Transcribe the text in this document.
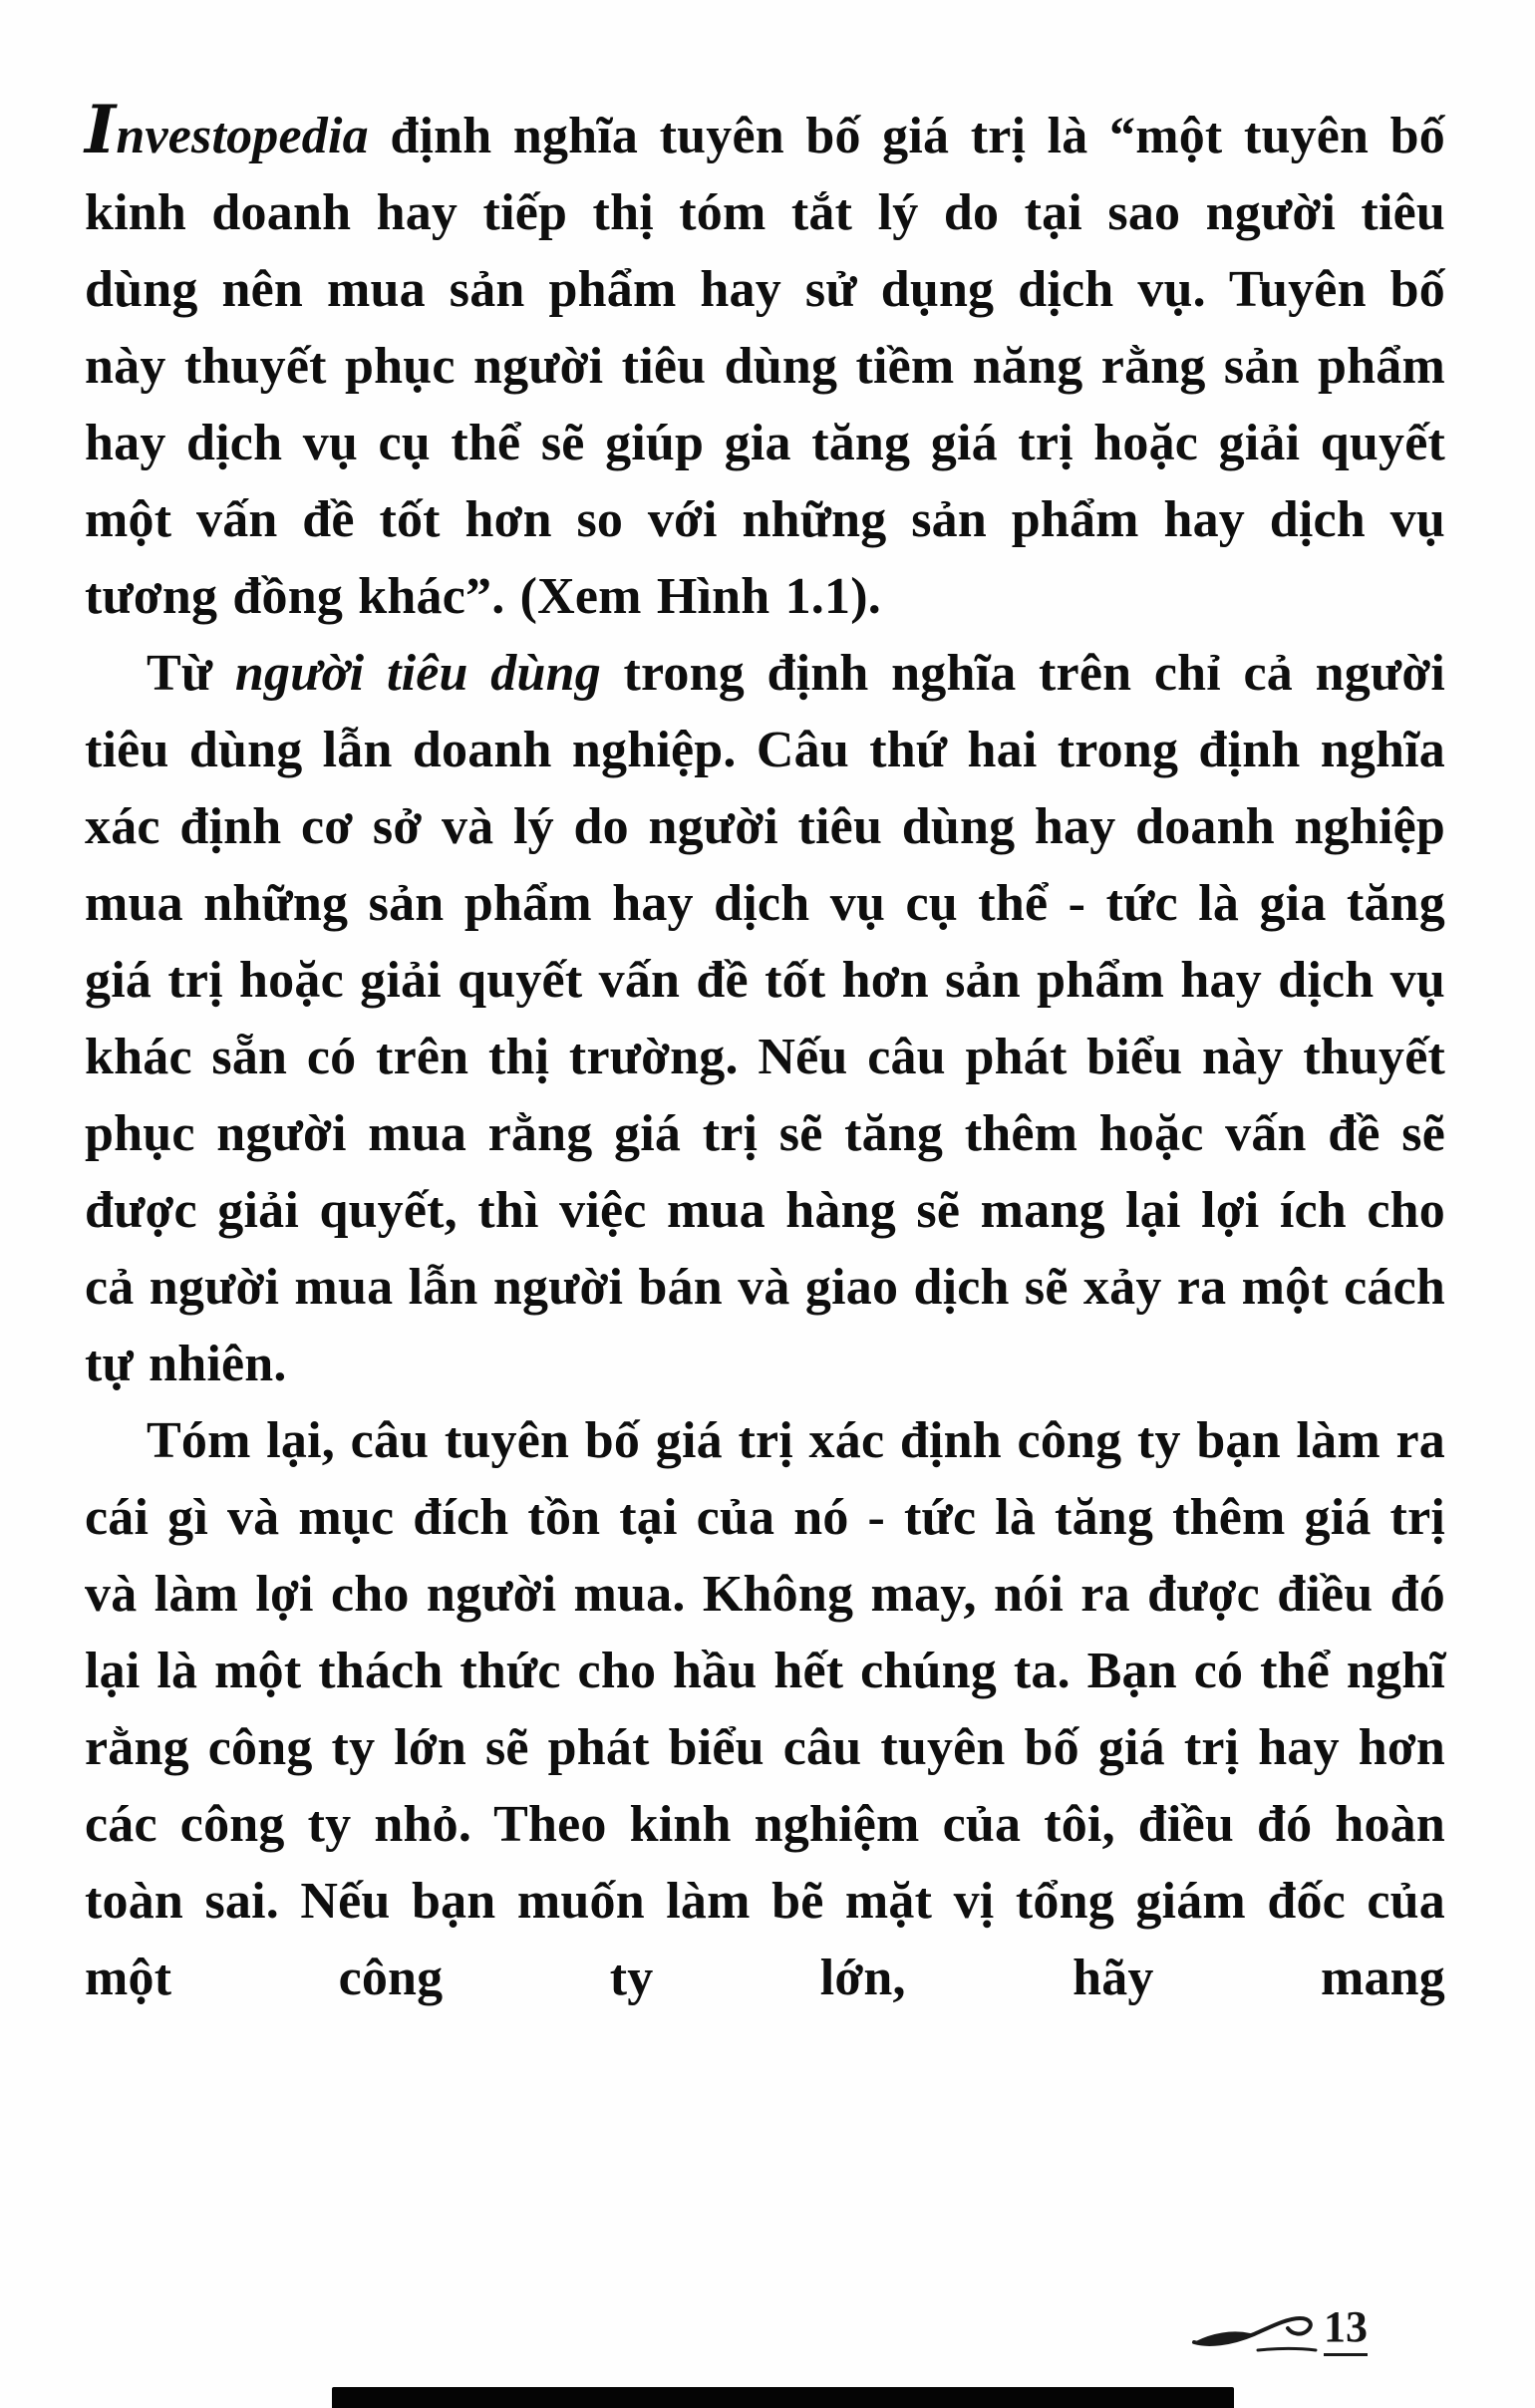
Investopedia định nghĩa tuyên bố giá trị là “một tuyên bố kinh doanh hay tiếp thị tóm tắt lý do tại sao người tiêu dùng nên mua sản phẩm hay sử dụng dịch vụ. Tuyên bố này thuyết phục người tiêu dùng tiềm năng rằng sản phẩm hay dịch vụ cụ thể sẽ giúp gia tăng giá trị hoặc giải quyết một vấn đề tốt hơn so với những sản phẩm hay dịch vụ tương đồng khác”. (Xem Hình 1.1).

Từ người tiêu dùng trong định nghĩa trên chỉ cả người tiêu dùng lẫn doanh nghiệp. Câu thứ hai trong định nghĩa xác định cơ sở và lý do người tiêu dùng hay doanh nghiệp mua những sản phẩm hay dịch vụ cụ thể - tức là gia tăng giá trị hoặc giải quyết vấn đề tốt hơn sản phẩm hay dịch vụ khác sẵn có trên thị trường. Nếu câu phát biểu này thuyết phục người mua rằng giá trị sẽ tăng thêm hoặc vấn đề sẽ được giải quyết, thì việc mua hàng sẽ mang lại lợi ích cho cả người mua lẫn người bán và giao dịch sẽ xảy ra một cách tự nhiên.

Tóm lại, câu tuyên bố giá trị xác định công ty bạn làm ra cái gì và mục đích tồn tại của nó - tức là tăng thêm giá trị và làm lợi cho người mua. Không may, nói ra được điều đó lại là một thách thức cho hầu hết chúng ta. Bạn có thể nghĩ rằng công ty lớn sẽ phát biểu câu tuyên bố giá trị hay hơn các công ty nhỏ. Theo kinh nghiệm của tôi, điều đó hoàn toàn sai. Nếu bạn muốn làm bẽ mặt vị tổng giám đốc của một công ty lớn, hãy mang

13
